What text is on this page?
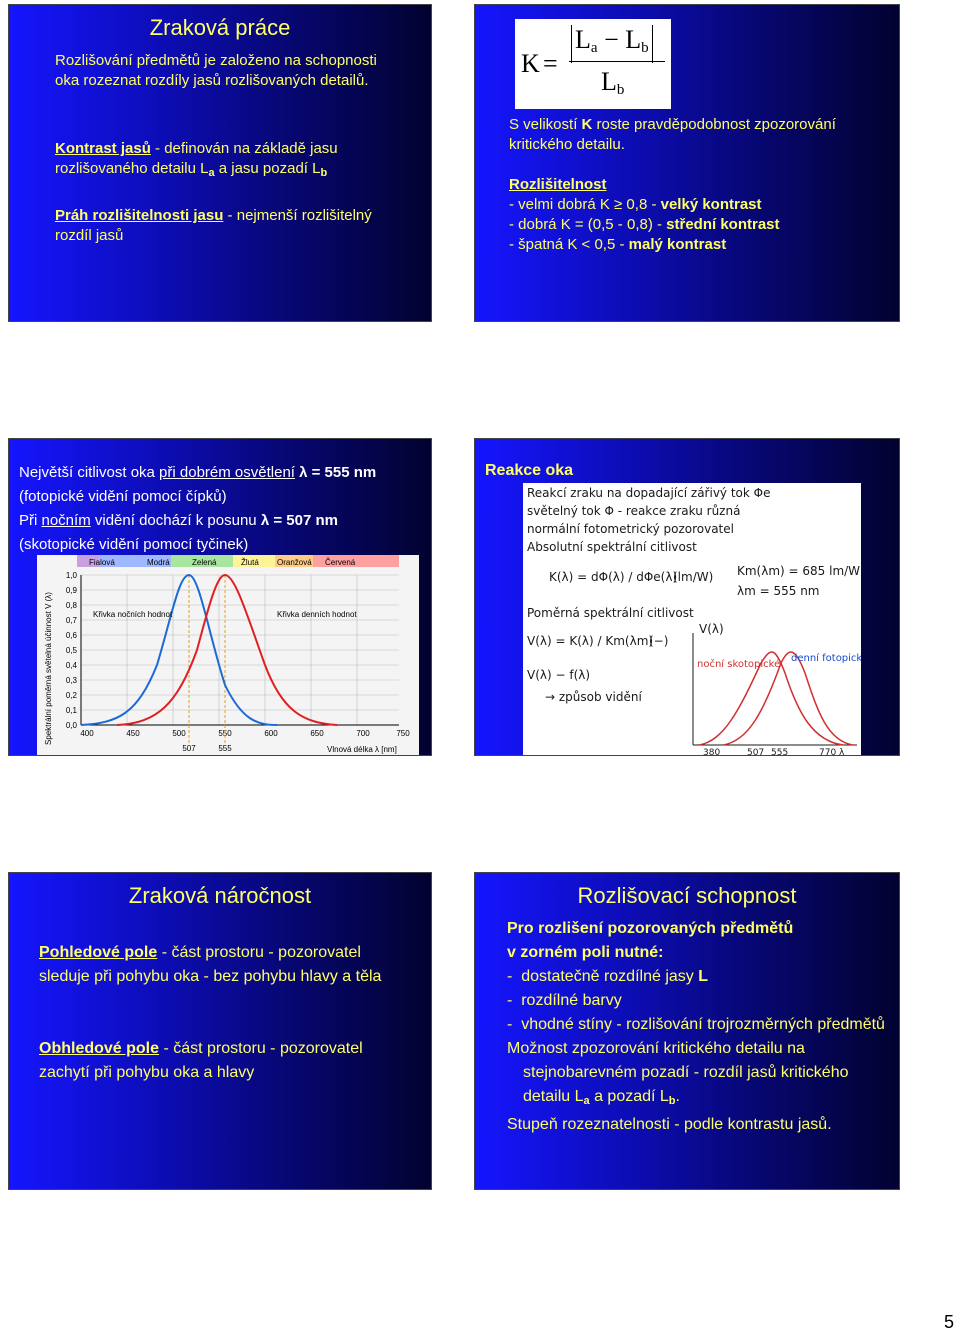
Zraková práce
Rozlišování předmětů je založeno na schopnosti oka rozeznat rozdíly jasů rozlišovaných detailů.
Kontrast jasů - definován na základě jasu rozlišovaného detailu $L_a$ a jasu pozadí $L_b$
Práh rozlišitelnosti jasu - nejmenší rozlišitelný rozdíl jasů
K =
$L_a - L_b$
$L_b$
S velikostí K roste pravděpodobnost zpozorování kritického detailu.
Rozlišitelnost
- velmi dobrá K ≥ 0,8 - velký kontrast
- dobrá K = (0,5 - 0,8) - střední kontrast
- špatná K < 0,5 - malý kontrast
Největší citlivost oka při dobrém osvětlení λ = 555 nm
(fotopické vidění pomocí čípků)
Při nočním vidění dochází k posunu λ = 507 nm
(skotopické vidění pomocí tyčinek)
Fialová	Modrá	Zelená	Žlutá Oranžová Červená
Spektrální poměrná světelná účinnost V (λ)
1,0
0,9
0,8
0,7
0,6
0,5
0,4
0,3
0,2
0,1
0,0
400	450	500	550	600	650	700	750
507	555	Vlnová délka λ [nm]
Křivka nočních hodnot	Křivka denních hodnot
Reakce oka
Reakcí zraku na dopadající zářivý tok Φe
světelný tok Φ - reakce zraku různá
normální fotometrický pozorovatel
Absolutní spektrální citlivost
K(λ) = dΦ(λ) / dΦe(λ)
(lm/W) Km(λm) = 685 lm/W
λm = 555 nm
Poměrná spektrální citlivost
V(λ) = K(λ) / Km(λm)
(−)
V(λ) − f(λ)
→ způsob vidění
V(λ)
noční skotopické
denní fotopické
380	507 555	770 λ
Zraková náročnost
Pohledové pole - část prostoru - pozorovatel sleduje při pohybu oka - bez pohybu hlavy a těla
Obhledové pole - část prostoru - pozorovatel zachytí při pohybu oka a hlavy
Rozlišovací schopnost
Pro rozlišení pozorovaných předmětů
v zorném poli nutné:
-  dostatečně rozdílné jasy L
-  rozdílné barvy
-  vhodné stíny - rozlišování trojrozměrných předmětů
Možnost zpozorování kritického detailu na stejnobarevném pozadí - rozdíl jasů kritického detailu $L_a$ a pozadí $L_b$.
Stupeň rozeznatelnosti - podle kontrastu jasů.
5
